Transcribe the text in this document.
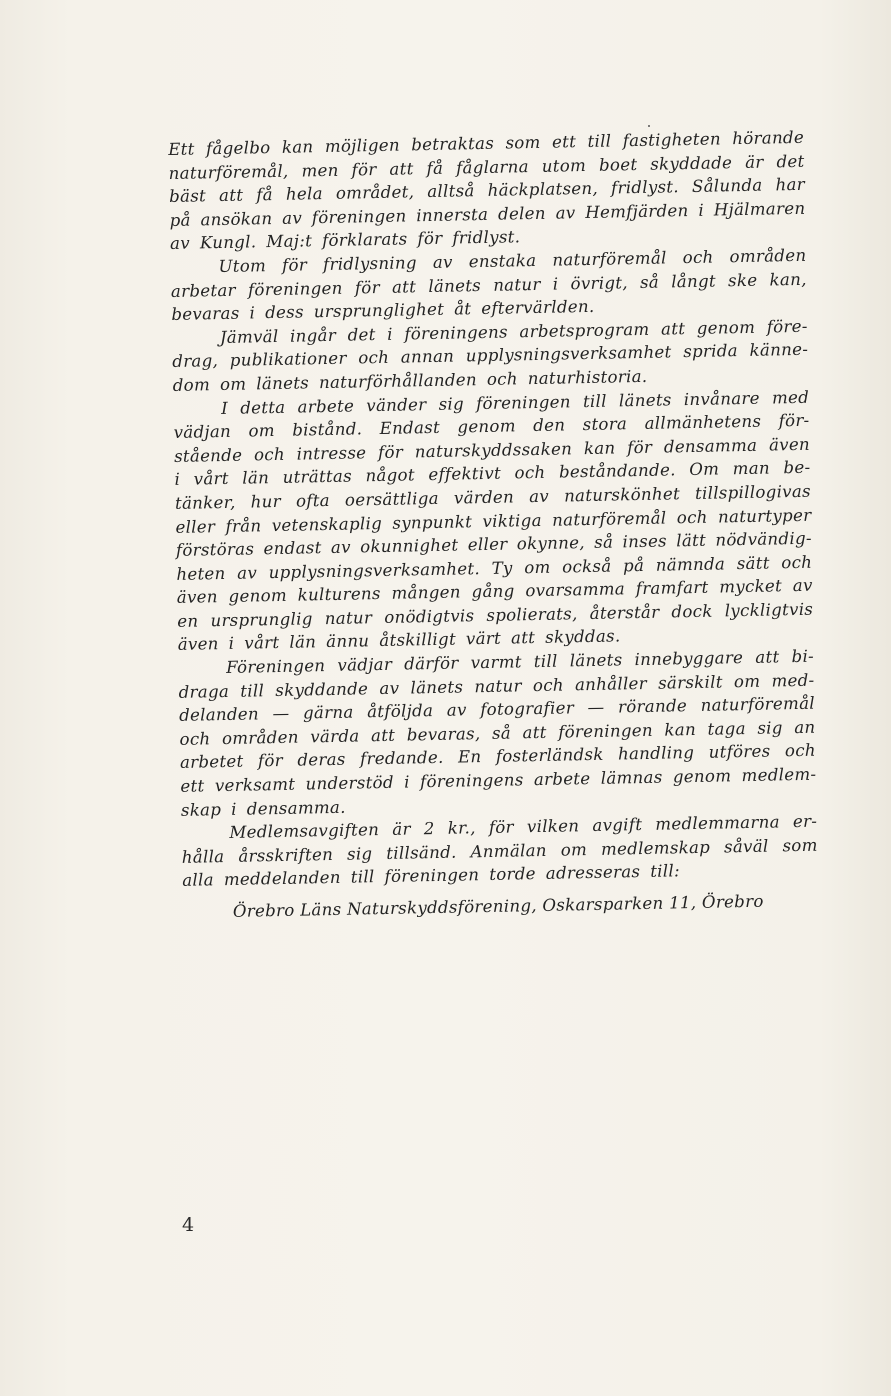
Ett fågelbo kan möjligen betraktas som ett till fastigheten hörande
naturföremål, men för att få fåglarna utom boet skyddade är det
bäst att få hela området, alltså häckplatsen, fridlyst. Sålunda har
på ansökan av föreningen innersta delen av Hemfjärden i Hjälmaren
av Kungl. Maj:t förklarats för fridlyst.
Utom för fridlysning av enstaka naturföremål och områden
arbetar föreningen för att länets natur i övrigt, så långt ske kan,
bevaras i dess ursprunglighet åt eftervärlden.
Jämväl ingår det i föreningens arbetsprogram att genom före-
drag, publikationer och annan upplysningsverksamhet sprida känne-
dom om länets naturförhållanden och naturhistoria.
I detta arbete vänder sig föreningen till länets invånare med
vädjan om bistånd. Endast genom den stora allmänhetens för-
stående och intresse för naturskyddssaken kan för densamma även
i vårt län uträttas något effektivt och beståndande. Om man be-
tänker, hur ofta oersättliga värden av naturskönhet tillspillogivas
eller från vetenskaplig synpunkt viktiga naturföremål och naturtyper
förstöras endast av okunnighet eller okynne, så inses lätt nödvändig-
heten av upplysningsverksamhet. Ty om också på nämnda sätt och
även genom kulturens mången gång ovarsamma framfart mycket av
en ursprunglig natur onödigtvis spolierats, återstår dock lyckligtvis
även i vårt län ännu åtskilligt värt att skyddas.
Föreningen vädjar därför varmt till länets innebyggare att bi-
draga till skyddande av länets natur och anhåller särskilt om med-
delanden — gärna åtföljda av fotografier — rörande naturföremål
och områden värda att bevaras, så att föreningen kan taga sig an
arbetet för deras fredande. En fosterländsk handling utföres och
ett verksamt understöd i föreningens arbete lämnas genom medlem-
skap i densamma.
Medlemsavgiften är 2 kr., för vilken avgift medlemmarna er-
hålla årsskriften sig tillsänd. Anmälan om medlemskap såväl som
alla meddelanden till föreningen torde adresseras till:
Örebro Läns Naturskyddsförening, Oskarsparken 11, Örebro
4
